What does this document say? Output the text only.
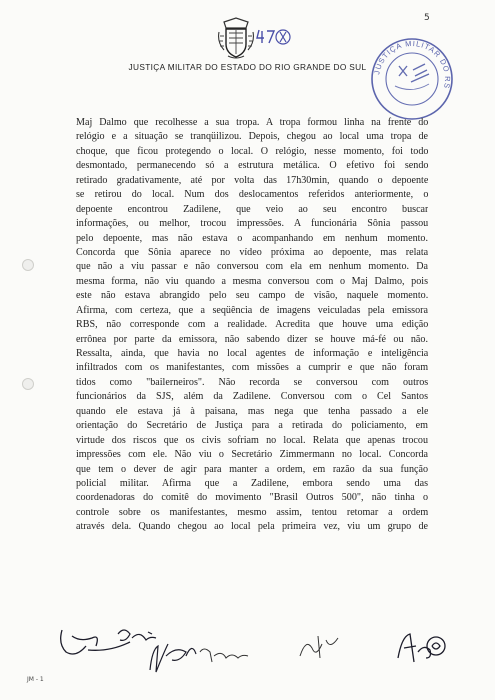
5
JUSTIÇA MILITAR DO ESTADO DO RIO GRANDE DO SUL
JUSTIÇA MILITAR DO RS
Maj Dalmo que recolhesse a sua tropa. A tropa formou linha na frente do
relógio e a situação se tranqüilizou. Depois, chegou ao local uma tropa de
choque, que ficou protegendo o local. O relógio, nesse momento, foi todo
desmontado, permanecendo só a estrutura metálica. O efetivo foi sendo
retirado gradativamente, até por volta das 17h30min, quando o depoente
se retirou do local. Num dos deslocamentos referidos anteriormente, o
depoente encontrou Zadilene, que veio ao seu encontro buscar
informações, ou melhor, trocou impressões. A funcionária Sônia passou
pelo depoente, mas não estava o acompanhando em nenhum momento.
Concorda que Sônia aparece no vídeo próxima ao depoente, mas relata
que não a viu passar e não conversou com ela em nenhum momento. Da
mesma forma, não viu quando a mesma conversou com o Maj Dalmo, pois
este não estava abrangido pelo seu campo de visão, naquele momento.
Afirma, com certeza, que a seqüência de imagens veiculadas pela emissora
RBS, não corresponde com a realidade. Acredita que houve uma edição
errônea por parte da emissora, não sabendo dizer se houve má-fé ou não.
Ressalta, ainda, que havia no local agentes de informação e inteligência
infiltrados com os manifestantes, com missões a cumprir e que não foram
tidos como "bailerneiros". Não recorda se conversou com outros
funcionários da SJS, além da Zadilene. Conversou com o Cel Santos
quando ele estava já à paisana, mas nega que tenha passado a ele
orientação do Secretário de Justiça para a retirada do policiamento, em
virtude dos riscos que os civis sofriam no local. Relata que apenas trocou
impressões com ele. Não viu o Secretário Zimmermann no local. Concorda
que tem o dever de agir para manter a ordem, em razão da sua função
policial militar. Afirma que a Zadilene, embora sendo uma das
coordenadoras do comitê do movimento "Brasil Outros 500", não tinha o
controle sobre os manifestantes, mesmo assim, tentou retomar a ordem
através dela. Quando chegou ao local pela primeira vez, viu um grupo de
JM - 1
